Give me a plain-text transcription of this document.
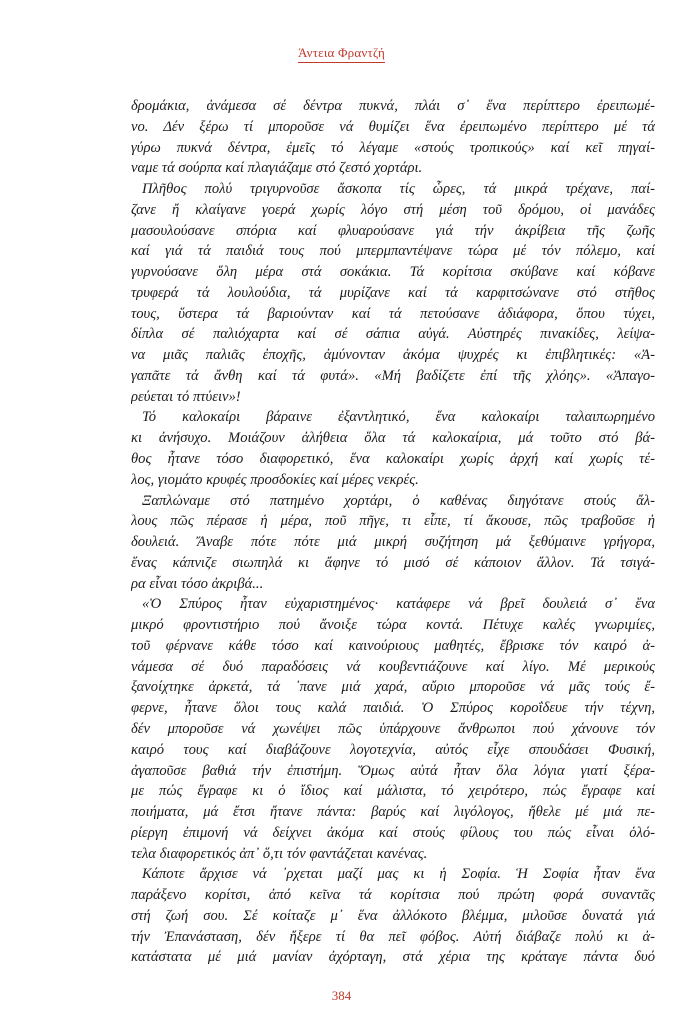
Άντεια Φραντζή
δρομάκια, ἀνάμεσα σέ δέντρα πυκνά, πλάι σ᾽ ἕνα περίπτερο ἐρειπωμέ-
νο. Δέν ξέρω τί μποροῦσε νά θυμίζει ἕνα ἐρειπωμένο περίπτερο μέ τά
γύρω πυκνά δέντρα, ἐμεῖς τό λέγαμε «στούς τροπικούς» καί κεῖ πηγαί-
ναμε τά σούρπα καί πλαγιάζαμε στό ζεστό χορτάρι.
Πλῆθος πολύ τριγυρνοῦσε ἄσκοπα τίς ὧρες, τά μικρά τρέχανε, παί-
ζανε ἤ κλαίγανε γοερά χωρίς λόγο στή μέση τοῦ δρόμου, οἱ μανάδες
μασουλούσανε σπόρια καί φλυαρούσανε γιά τήν ἀκρίβεια τῆς ζωῆς
καί γιά τά παιδιά τους πού μπερμπαντέψανε τώρα μέ τόν πόλεμο, καί
γυρνούσανε ὅλη μέρα στά σοκάκια. Τά κορίτσια σκύβανε καί κόβανε
τρυφερά τά λουλούδια, τά μυρίζανε καί τά καρφιτσώνανε στό στῆθος
τους, ὕστερα τά βαριούνταν καί τά πετούσανε ἀδιάφορα, ὅπου τύχει,
δίπλα σέ παλιόχαρτα καί σέ σάπια αὐγά. Αὐστηρές πινακίδες, λείψα-
να μιᾶς παλιᾶς ἐποχῆς, ἀμύνονταν ἀκόμα ψυχρές κι ἐπιβλητικές: «Ἀ-
γαπᾶτε τά ἄνθη καί τά φυτά». «Μή βαδίζετε ἐπί τῆς χλόης». «Ἀπαγο-
ρεύεται τό πτύειν»!
Τό καλοκαίρι βάραινε ἐξαντλητικό, ἕνα καλοκαίρι ταλαιπωρημένο
κι ἀνήσυχο. Μοιάζουν ἀλήθεια ὅλα τά καλοκαίρια, μά τοῦτο στό βά-
θος ἦτανε τόσο διαφορετικό, ἕνα καλοκαίρι χωρίς ἀρχή καί χωρίς τέ-
λος, γιομάτο κρυφές προσδοκίες καί μέρες νεκρές.
Ξαπλώναμε στό πατημένο χορτάρι, ὁ καθένας διηγότανε στούς ἄλ-
λους πῶς πέρασε ἡ μέρα, ποῦ πῆγε, τι εἶπε, τί ἄκουσε, πῶς τραβοῦσε ἡ
δουλειά. Ἄναβε πότε πότε μιά μικρή συζήτηση μά ξεθύμαινε γρήγορα,
ἕνας κάπνιζε σιωπηλά κι ἄφηνε τό μισό σέ κάποιον ἄλλον. Τά τσιγά-
ρα εἶναι τόσο ἀκριβά...
«Ὁ Σπύρος ἦταν εὐχαριστημένος· κατάφερε νά βρεῖ δουλειά σ᾽ ἕνα
μικρό φροντιστήριο πού ἄνοιξε τώρα κοντά. Πέτυχε καλές γνωριμίες,
τοῦ φέρνανε κάθε τόσο καί καινούριους μαθητές, ἔβρισκε τόν καιρό ἀ-
νάμεσα σέ δυό παραδόσεις νά κουβεντιάζουνε καί λίγο. Μέ μερικούς
ξανοίχτηκε ἀρκετά, τά ᾽πανε μιά χαρά, αὔριο μποροῦσε νά μᾶς τούς ἔ-
φερνε, ἦτανε ὅλοι τους καλά παιδιά. Ὁ Σπύρος κοροΐδευε τήν τέχνη,
δέν μποροῦσε νά χωνέψει πῶς ὑπάρχουνε ἄνθρωποι πού χάνουνε τόν
καιρό τους καί διαβάζουνε λογοτεχνία, αὐτός εἶχε σπουδάσει Φυσική,
ἀγαποῦσε βαθιά τήν ἐπιστήμη. Ὅμως αὐτά ἦταν ὅλα λόγια γιατί ξέρα-
με πώς ἔγραφε κι ὁ ἴδιος καί μάλιστα, τό χειρότερο, πώς ἔγραφε καί
ποιήματα, μά ἔτσι ἤτανε πάντα: βαρύς καί λιγόλογος, ἤθελε μέ μιά πε-
ρίεργη ἐπιμονή νά δείχνει ἀκόμα καί στούς φίλους του πώς εἶναι ὁλό-
τελα διαφορετικός ἀπ᾽ ὅ,τι τόν φαντάζεται κανένας.
Κάποτε ἄρχισε νά ᾽ρχεται μαζί μας κι ἡ Σοφία. Ἡ Σοφία ἦταν ἕνα
παράξενο κορίτσι, ἀπό κεῖνα τά κορίτσια πού πρώτη φορά συναντᾶς
στή ζωή σου. Σέ κοίταζε μ᾽ ἕνα ἀλλόκοτο βλέμμα, μιλοῦσε δυνατά γιά
τήν Ἐπανάσταση, δέν ἤξερε τί θα πεῖ φόβος. Αὐτή διάβαζε πολύ κι ἀ-
κατάστατα μέ μιά μανίαν ἀχόρταγη, στά χέρια της κράταγε πάντα δυό
384
